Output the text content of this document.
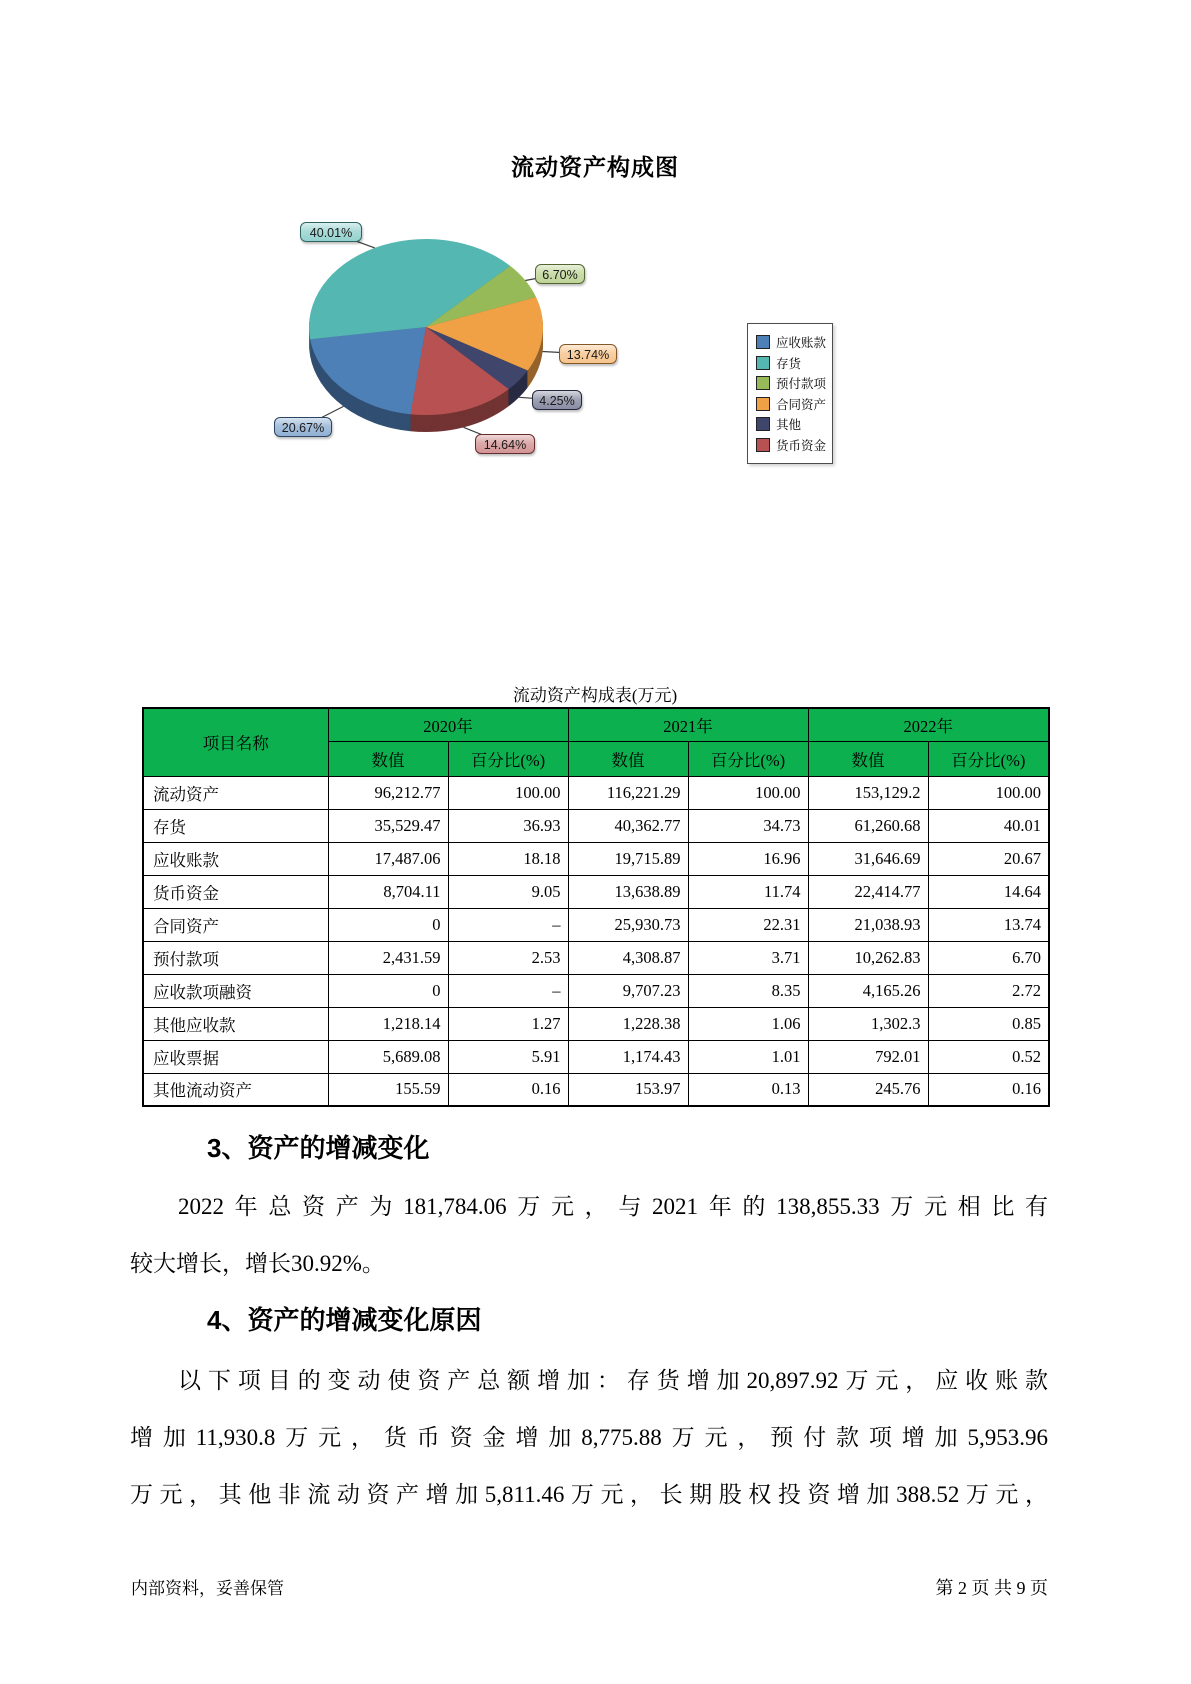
流动资产构成图
20.67%
40.01%
6.70%
13.74%
4.25%
14.64%
应收账款
存货
预付款项
合同资产
其他
货币资金
流动资产构成表(万元)
项目名称	2020年		2021年		2022年	
	数值	百分比(%)	数值	百分比(%)	数值	百分比(%)
流动资产	96,212.77	100.00	116,221.29	100.00	153,129.2	100.00
存货	35,529.47	36.93	40,362.77	34.73	61,260.68	40.01
应收账款	17,487.06	18.18	19,715.89	16.96	31,646.69	20.67
货币资金	8,704.11	9.05	13,638.89	11.74	22,414.77	14.64
合同资产	0	–	25,930.73	22.31	21,038.93	13.74
预付款项	2,431.59	2.53	4,308.87	3.71	10,262.83	6.70
应收款项融资	0	–	9,707.23	8.35	4,165.26	2.72
其他应收款	1,218.14	1.27	1,228.38	1.06	1,302.3	0.85
应收票据	5,689.08	5.91	1,174.43	1.01	792.01	0.52
其他流动资产	155.59	0.16	153.97	0.13	245.76	0.16
3、资产的增减变化
2022年总资产为181,784.06万元，与2021年的138,855.33万元相比有
较大增长，增长30.92%。
4、资产的增减变化原因
以下项目的变动使资产总额增加：存货增加20,897.92万元，应收账款
增加11,930.8万元，货币资金增加8,775.88万元，预付款项增加5,953.96
万元，其他非流动资产增加5,811.46万元，长期股权投资增加388.52万元，
内部资料，妥善保管	第 2 页 共 9 页
